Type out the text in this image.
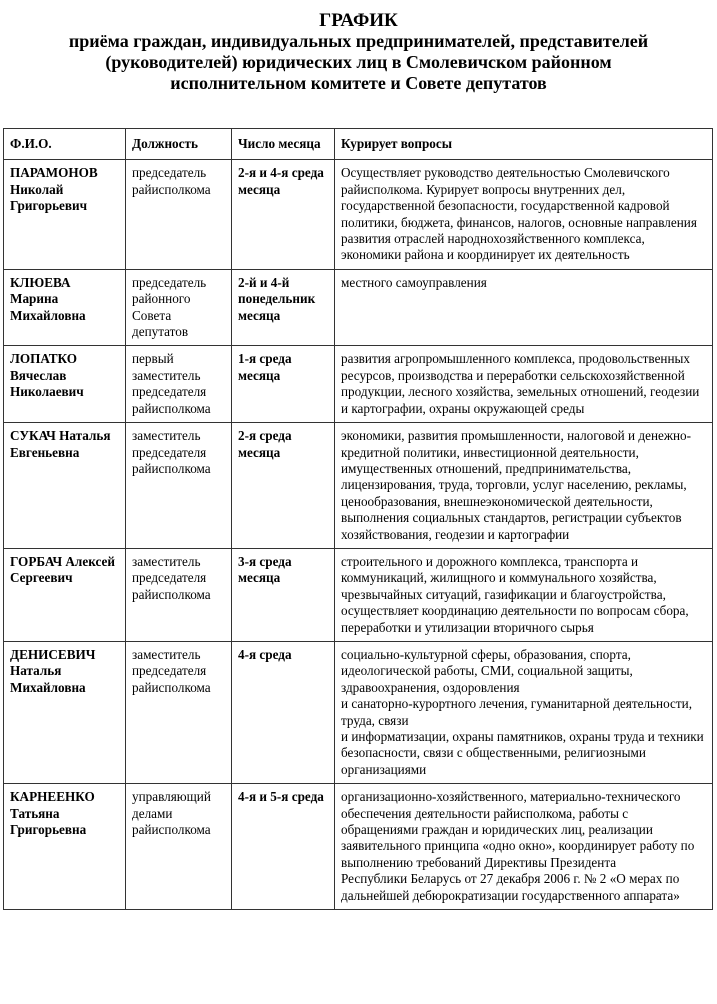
ГРАФИК
приёма граждан, индивидуальных предпринимателей, представителей (руководителей) юридических лиц в Смолевичском районном исполнительном комитете и Совете депутатов
Ф.И.О.	Должность	Число месяца	Курирует вопросы
ПАРАМОНОВ Николай Григорьевич	председатель райисполкома	2-я и 4-я среда месяца	Осуществляет руководство деятельностью Смолевичского райисполкома. Курирует вопросы внутренних дел, государственной безопасности, государственной кадровой политики, бюджета, финансов, налогов, основные направления развития отраслей народнохозяйственного комплекса, экономики района и координирует их деятельность
КЛЮЕВА Марина Михайловна	председатель районного Совета депутатов	2-й и 4-й понедельник месяца	местного самоуправления
ЛОПАТКО Вячеслав Николаевич	первый заместитель председателя райисполкома	1-я среда месяца	развития агропромышленного комплекса, продовольственных ресурсов, производства и переработки сельскохозяйственной продукции, лесного хозяйства, земельных отношений, геодезии и картографии, охраны окружающей среды
СУКАЧ Наталья Евгеньевна	заместитель председателя райисполкома	2-я среда месяца	экономики, развития промышленности, налоговой и денежно-кредитной политики, инвестиционной деятельности, имущественных отношений, предпринимательства, лицензирования, труда, торговли, услуг населению, рекламы, ценообразования, внешнеэкономической деятельности, выполнения социальных стандартов, регистрации субъектов хозяйствования, геодезии и картографии
ГОРБАЧ Алексей Сергеевич	заместитель председателя райисполкома	3-я среда месяца	строительного и дорожного комплекса, транспорта и коммуникаций, жилищного и коммунального хозяйства, чрезвычайных ситуаций, газификации и благоустройства, осуществляет координацию деятельности по вопросам сбора, переработки и утилизации вторичного сырья
ДЕНИСЕВИЧ Наталья Михайловна	заместитель председателя райисполкома	4-я среда	социально-культурной сферы, образования, спорта, идеологической работы, СМИ, социальной защиты, здравоохранения, оздоровления
и санаторно-курортного лечения, гуманитарной деятельности, труда, связи
и информатизации, охраны памятников, охраны труда и техники безопасности, связи с общественными, религиозными организациями
КАРНЕЕНКО Татьяна Григорьевна	управляющий делами райисполкома	4-я и 5-я среда	организационно-хозяйственного, материально-технического обеспечения деятельности райисполкома, работы с обращениями граждан и юридических лиц, реализации заявительного принципа «одно окно», координирует работу по выполнению требований Директивы Президента
Республики Беларусь от 27 декабря 2006 г. № 2 «О мерах по дальнейшей дебюрократизации государственного аппарата»
